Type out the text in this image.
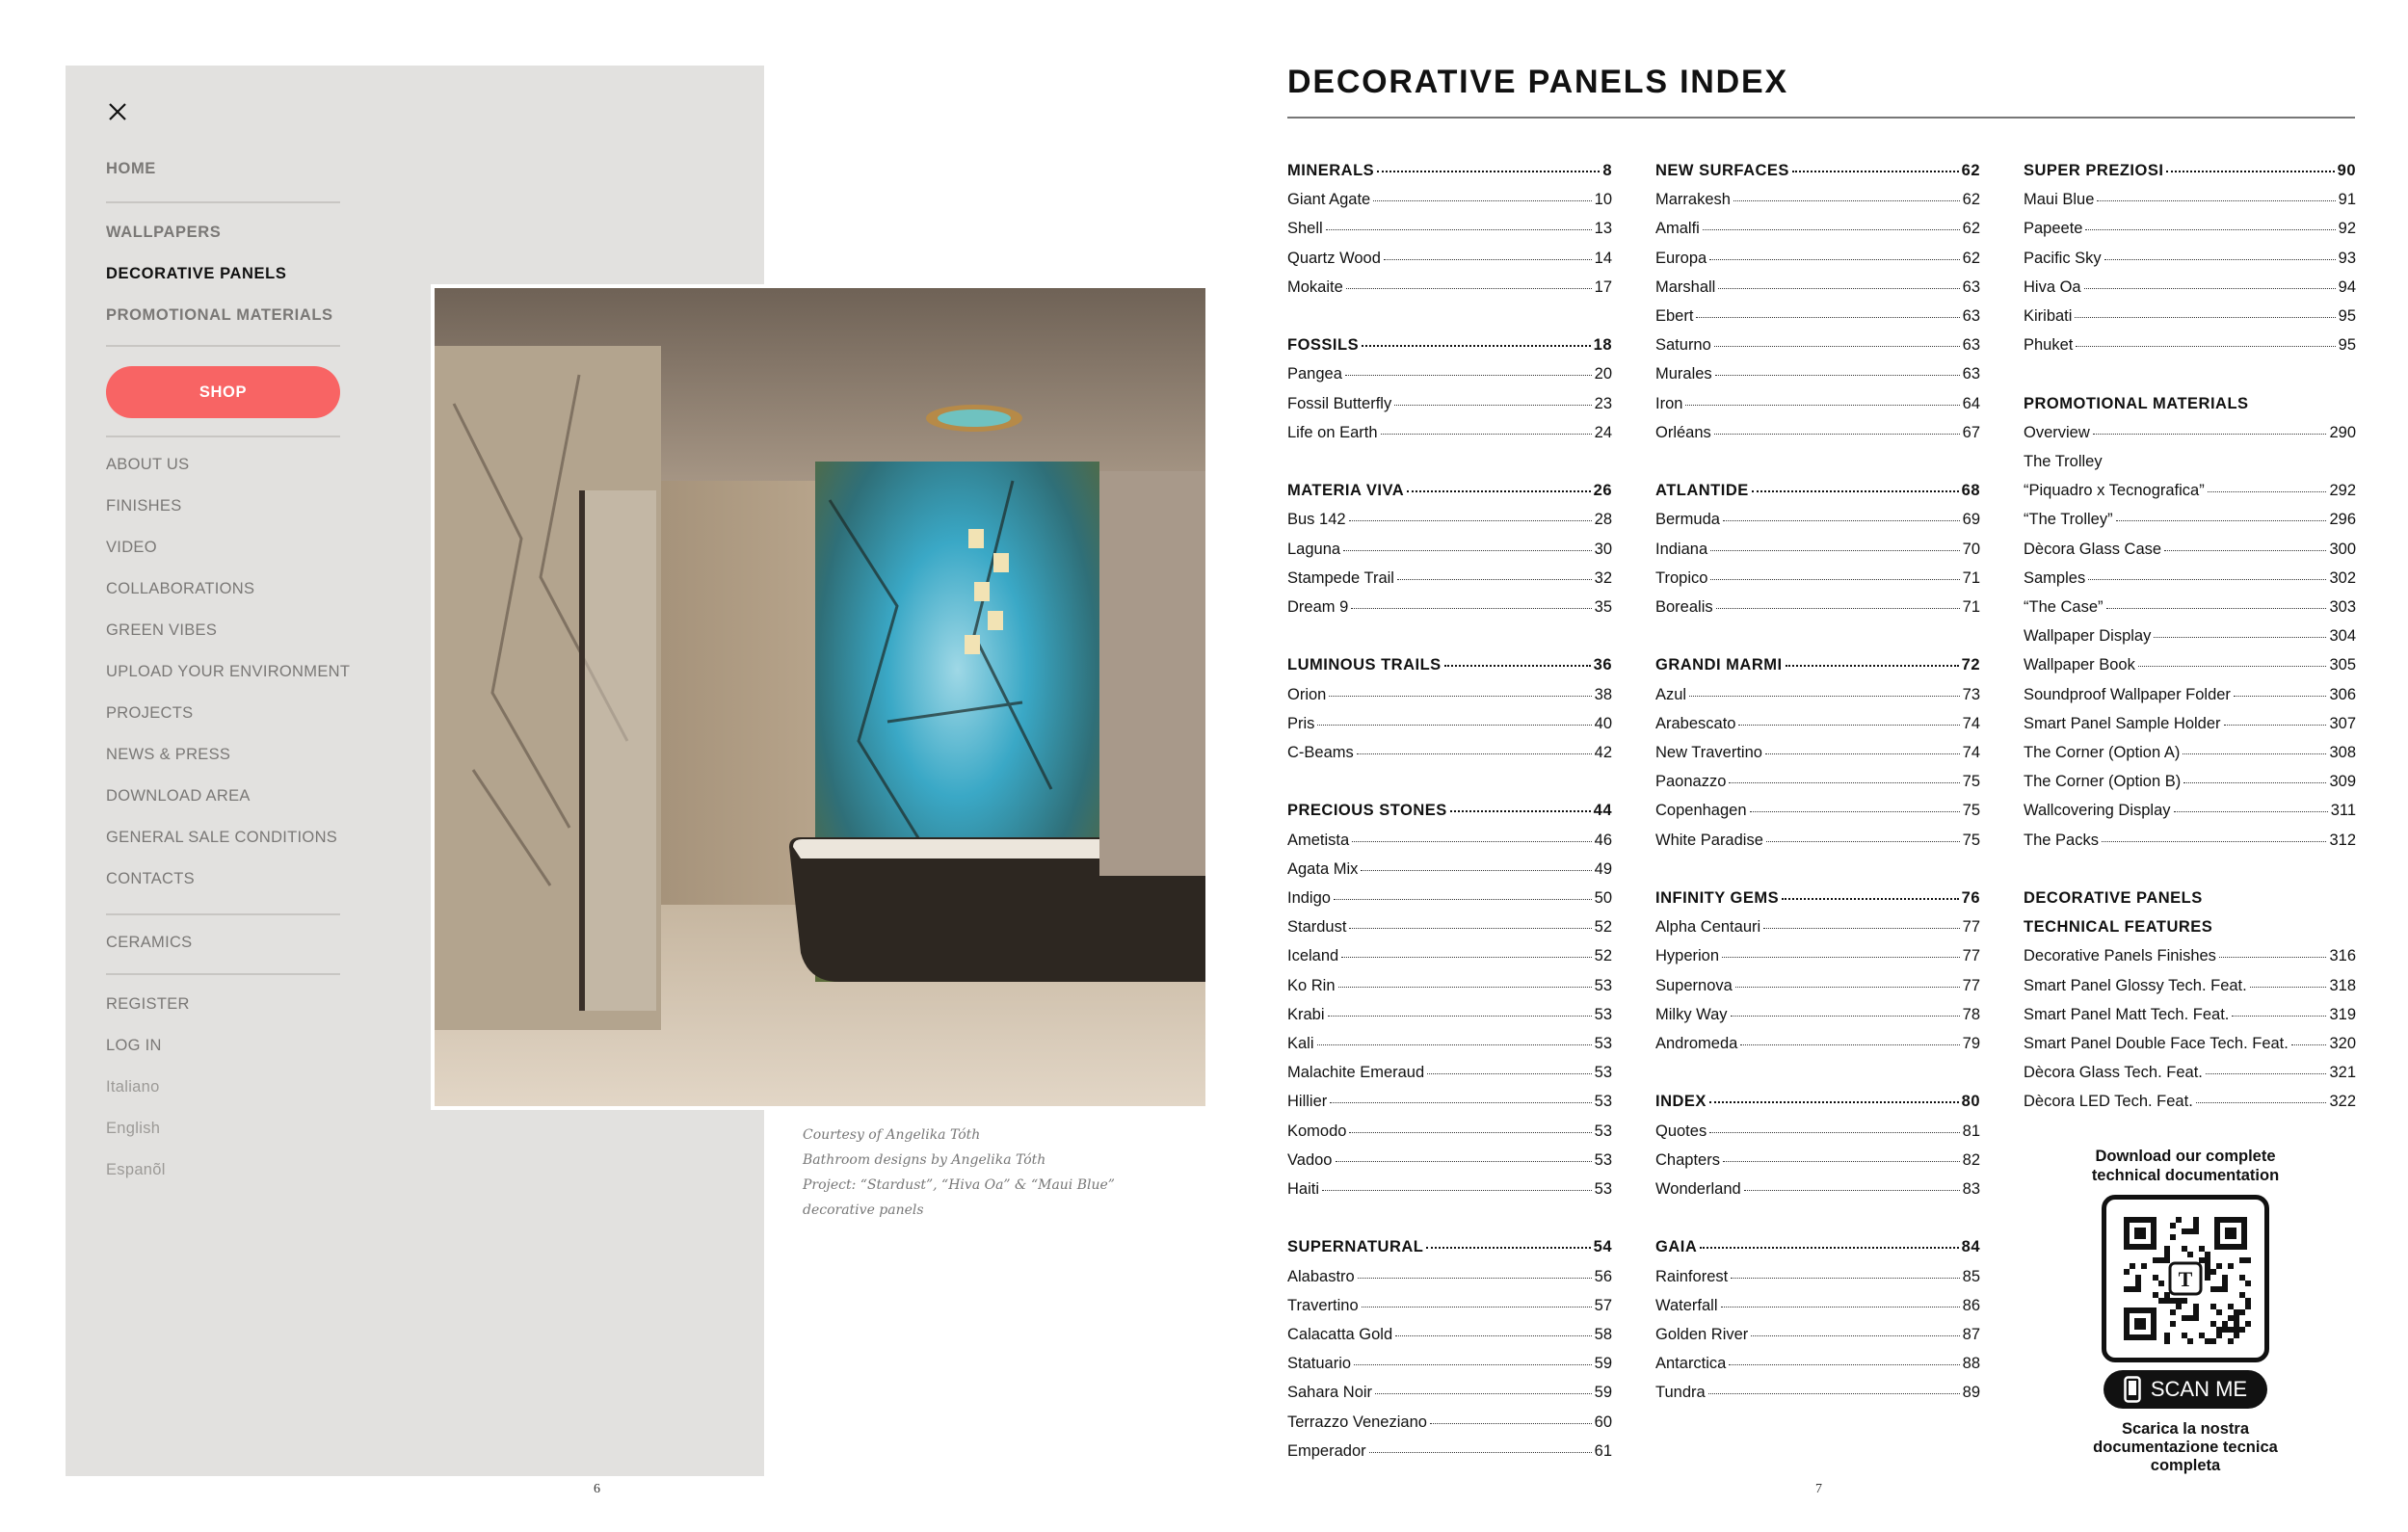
HOME
WALLPAPERS
DECORATIVE PANELS
PROMOTIONAL MATERIALS
SHOP
ABOUT US
FINISHES
VIDEO
COLLABORATIONS
GREEN VIBES
UPLOAD YOUR ENVIRONMENT
PROJECTS
NEWS & PRESS
DOWNLOAD AREA
GENERAL SALE CONDITIONS
CONTACTS
CERAMICS
REGISTER
LOG IN
Italiano
English
Espanõl
Courtesy of Angelika Tóth
Bathroom designs by Angelika Tóth
Project: “Stardust”, “Hiva Oa” & “Maui Blue”
decorative panels
6	7
DECORATIVE PANELS INDEX
MINERALS	8
Giant Agate	10
Shell	13
Quartz Wood	14
Mokaite	17
FOSSILS	18
Pangea	20
Fossil Butterfly	23
Life on Earth	24
MATERIA VIVA	26
Bus 142	28
Laguna	30
Stampede Trail	32
Dream 9	35
LUMINOUS TRAILS	36
Orion	38
Pris	40
C-Beams	42
PRECIOUS STONES	44
Ametista	46
Agata Mix	49
Indigo	50
Stardust	52
Iceland	52
Ko Rin	53
Krabi	53
Kali	53
Malachite Emeraud	53
Hillier	53
Komodo	53
Vadoo	53
Haiti	53
SUPERNATURAL	54
Alabastro	56
Travertino	57
Calacatta Gold	58
Statuario	59
Sahara Noir	59
Terrazzo Veneziano	60
Emperador	61
NEW SURFACES	62
Marrakesh	62
Amalfi	62
Europa	62
Marshall	63
Ebert	63
Saturno	63
Murales	63
Iron	64
Orléans	67
ATLANTIDE	68
Bermuda	69
Indiana	70
Tropico	71
Borealis	71
GRANDI MARMI	72
Azul	73
Arabescato	74
New Travertino	74
Paonazzo	75
Copenhagen	75
White Paradise	75
INFINITY GEMS	76
Alpha Centauri	77
Hyperion	77
Supernova	77
Milky Way	78
Andromeda	79
INDEX	80
Quotes	81
Chapters	82
Wonderland	83
GAIA	84
Rainforest	85
Waterfall	86
Golden River	87
Antarctica	88
Tundra	89
SUPER PREZIOSI	90
Maui Blue	91
Papeete	92
Pacific Sky	93
Hiva Oa	94
Kiribati	95
Phuket	95
PROMOTIONAL MATERIALS
Overview	290
The Trolley
“Piquadro x Tecnografica”	292
“The Trolley”	296
Dècora Glass Case	300
Samples	302
“The Case”	303
Wallpaper Display	304
Wallpaper Book	305
Soundproof Wallpaper Folder	306
Smart Panel Sample Holder	307
The Corner (Option A)	308
The Corner (Option B)	309
Wallcovering Display	311
The Packs	312
DECORATIVE PANELS
TECHNICAL FEATURES
Decorative Panels Finishes	316
Smart Panel Glossy Tech. Feat.	318
Smart Panel Matt Tech. Feat.	319
Smart Panel Double Face Tech. Feat.	320
Dècora Glass Tech. Feat.	321
Dècora LED Tech. Feat.	322
Download our complete
technical documentation
T
SCAN ME
Scarica la nostra
documentazione tecnica
completa
